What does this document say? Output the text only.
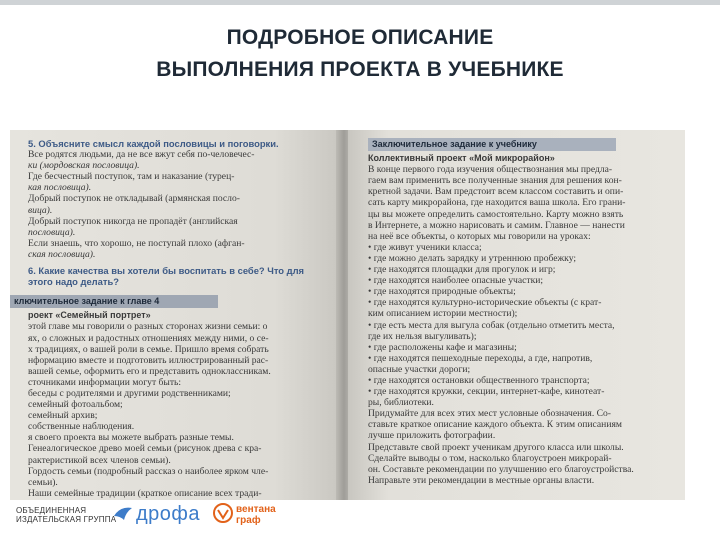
ПОДРОБНОЕ ОПИСАНИЕ
ВЫПОЛНЕНИЯ ПРОЕКТА В УЧЕБНИКЕ
5. Объясните смысл каждой пословицы и поговорки.
Все родятся людьми, да не все вжут себя по-человечес-
ки (мордовская пословица).
Где бесчестный поступок, там и наказание (турец-
кая пословица).
Добрый поступок не откладывай (армянская посло-
вица).
Добрый поступок никогда не пропадёт (английская
пословица).
Если знаешь, что хорошо, не поступай плохо (афган-
ская пословица).
6. Какие качества вы хотели бы воспитать в себе? Что для
этого надо делать?
ключительное задание к главе 4
роект «Семейный портрет»
этой главе мы говорили о разных сторонах жизни семьи: о
ях, о сложных и радостных отношениях между ними, о се-
х традициях, о вашей роли в семье. Пришло время собрать
нформацию вместе и подготовить иллюстрированный рас-
вашей семье, оформить его и представить одноклассникам.
сточниками информации могут быть:
беседы с родителями и другими родственниками;
семейный фотоальбом;
семейный архив;
собственные наблюдения.
я своего проекта вы можете выбрать разные темы.
Генеалогическое древо моей семьи (рисунок древа с кра-
рактеристикой всех членов семьи).
Гордость семьи (подробный рассказ о наиболее ярком чле-
семьи).
Наши семейные традиции (краткое описание всех тради-
Заключительное задание к учебнику
Коллективный проект «Мой микрорайон»
В конце первого года изучения обществознания мы предла-
гаем вам применить все полученные знания для решения кон-
кретной задачи. Вам предстоит всем классом составить и опи-
сать карту микрорайона, где находится ваша школа. Его грани-
цы вы можете определить самостоятельно. Карту можно взять
в Интернете, а можно нарисовать и самим. Главное — нанести
на неё все объекты, о которых мы говорили на уроках:
• где живут ученики класса;
• где можно делать зарядку и утреннюю пробежку;
• где находятся площадки для прогулок и игр;
• где находятся наиболее опасные участки;
• где находятся природные объекты;
• где находятся культурно-исторические объекты (с крат-
ким описанием истории местности);
• где есть места для выгула собак (отдельно отметить места,
где их нельзя выгуливать);
• где расположены кафе и магазины;
• где находятся пешеходные переходы, а где, напротив,
опасные участки дороги;
• где находятся остановки общественного транспорта;
• где находятся кружки, секции, интернет-кафе, кинотеат-
ры, библиотеки.
Придумайте для всех этих мест условные обозначения. Со-
ставьте краткое описание каждого объекта. К этим описаниям
лучше приложить фотографии.
Представьте свой проект ученикам другого класса или школы.
Сделайте выводы о том, насколько благоустроен микрорай-
он. Составьте рекомендации по улучшению его благоустройства.
Направьте эти рекомендации в местные органы власти.
ОБЪЕДИНЕННАЯ
ИЗДАТЕЛЬСКАЯ ГРУППА дрофа	вентана
граф
